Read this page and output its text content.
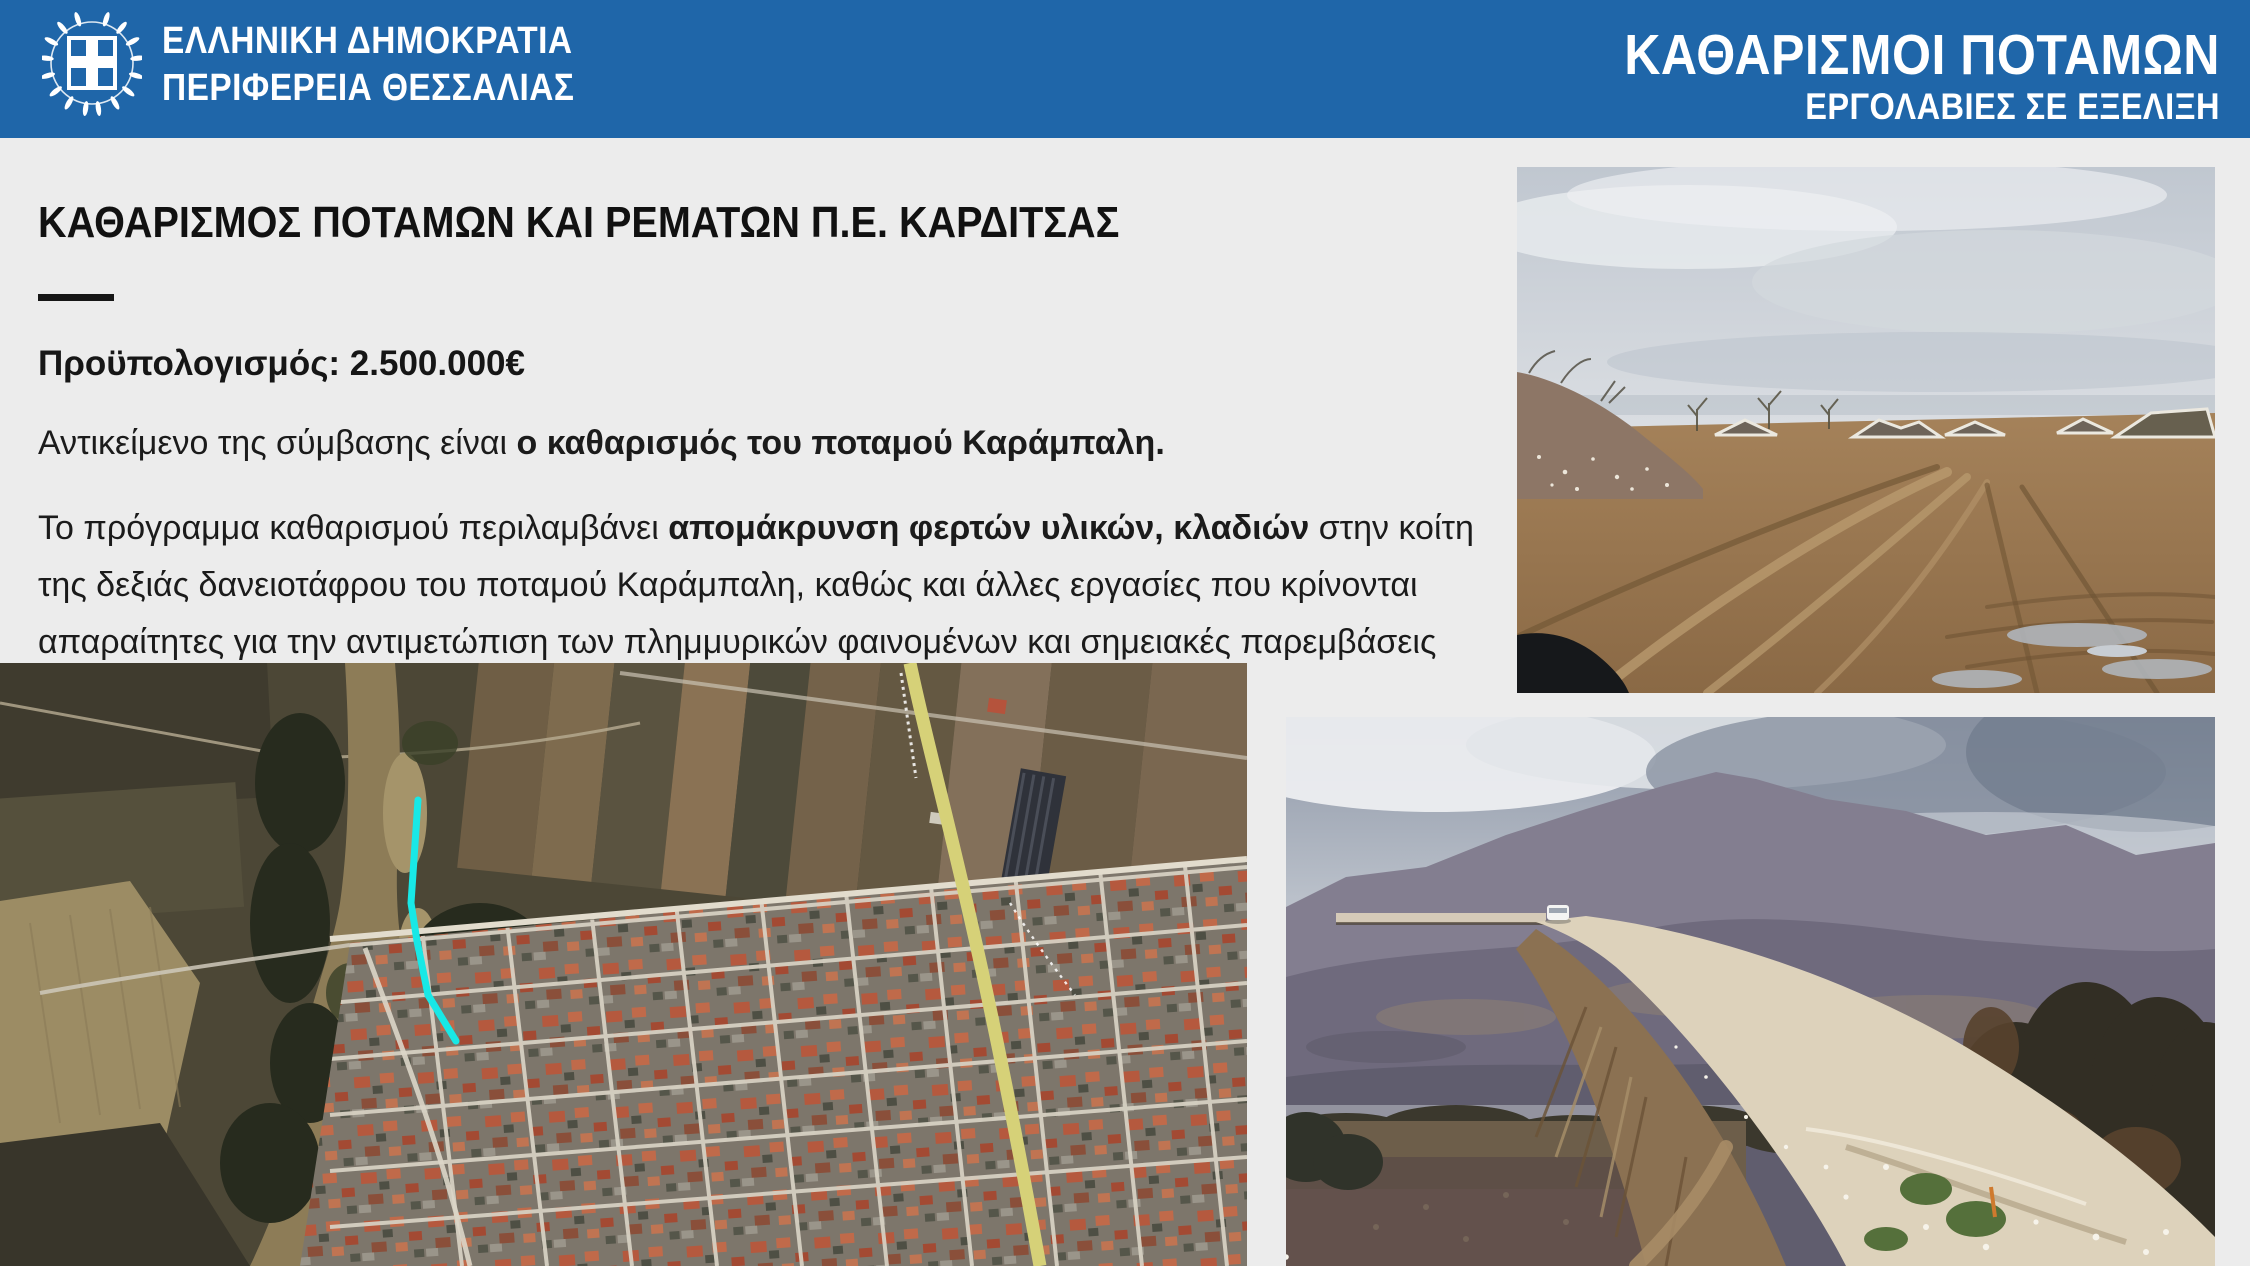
ΕΛΛΗΝΙΚΗ ΔΗΜΟΚΡΑΤΙΑ
ΠΕΡΙΦΕΡΕΙΑ ΘΕΣΣΑΛΙΑΣ
ΚΑΘΑΡΙΣΜΟΙ ΠΟΤΑΜΩΝ
ΕΡΓΟΛΑΒΙΕΣ ΣΕ ΕΞΕΛΙΞΗ
ΚΑΘΑΡΙΣΜΟΣ ΠΟΤΑΜΩΝ ΚΑΙ ΡΕΜΑΤΩΝ Π.Ε. ΚΑΡΔΙΤΣΑΣ
Προϋπολογισμός: 2.500.000€
Αντικείμενο της σύμβασης είναι ο καθαρισμός του ποταμού Καράμπαλη.
Το πρόγραμμα καθαρισμού περιλαμβάνει απομάκρυνση φερτών υλικών, κλαδιών στην κοίτη
της δεξιάς δανειοτάφρου του ποταμού Καράμπαλη, καθώς και άλλες εργασίες που κρίνονται
απαραίτητες για την αντιμετώπιση των πλημμυρικών φαινομένων και σημειακές παρεμβάσεις
